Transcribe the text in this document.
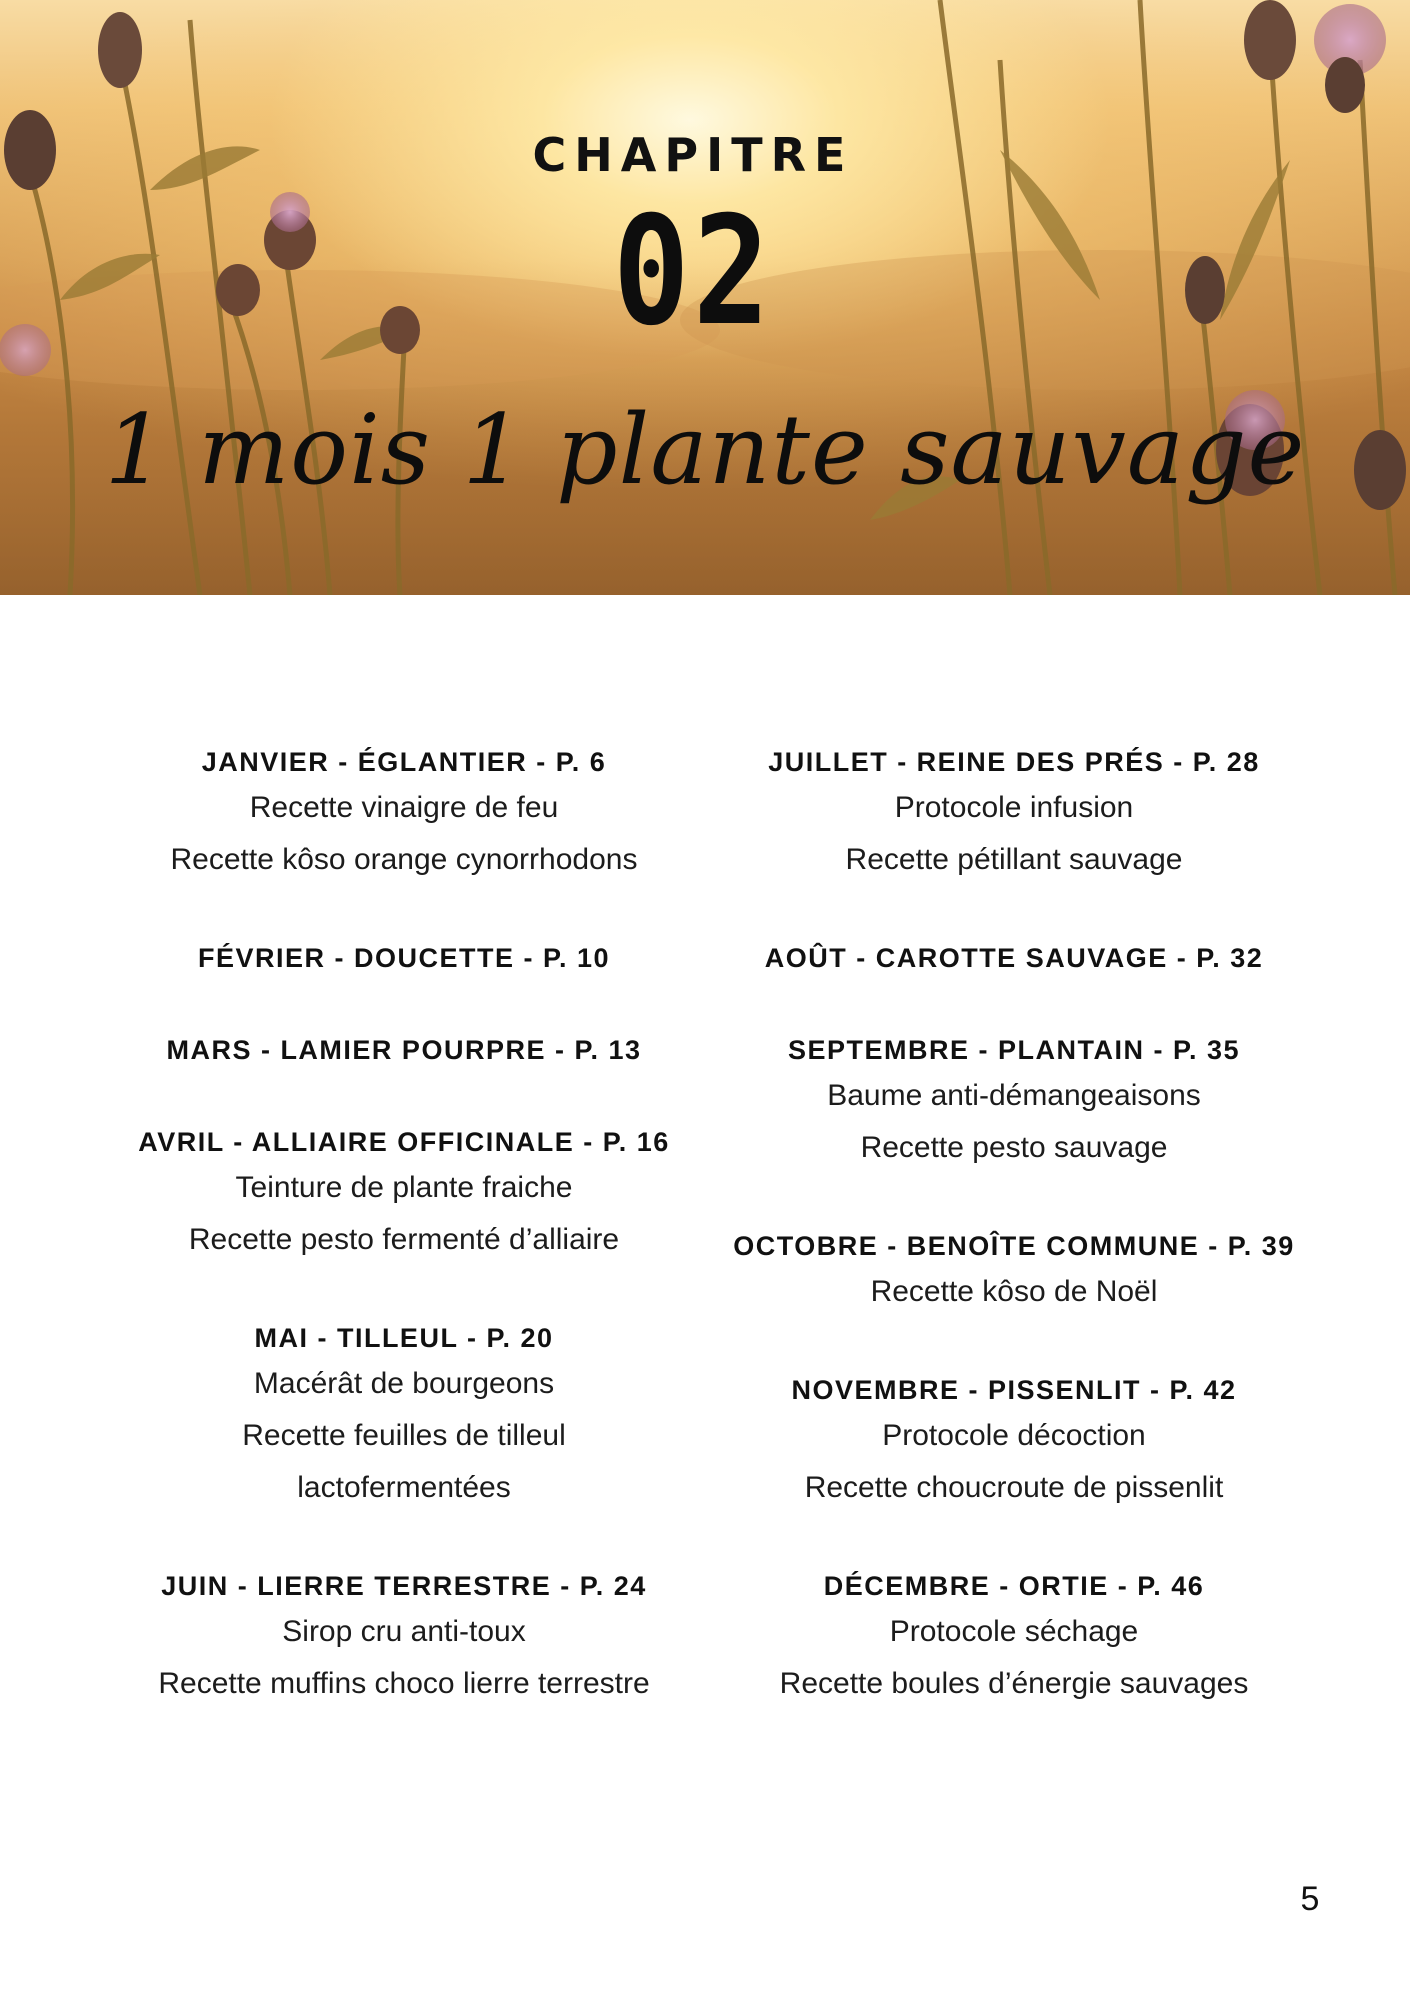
CHAPITRE
02
1 mois 1 plante sauvage
JANVIER - ÉGLANTIER - P. 6
Recette vinaigre de feu
Recette kôso orange cynorrhodons
FÉVRIER - DOUCETTE - P. 10
MARS - LAMIER POURPRE - P. 13
AVRIL - ALLIAIRE OFFICINALE - P. 16
Teinture de plante fraiche
Recette pesto fermenté d’alliaire
MAI - TILLEUL - P. 20
Macérât de bourgeons
Recette feuilles de tilleul
lactofermentées
JUIN - LIERRE TERRESTRE - P. 24
Sirop cru anti-toux
Recette muffins choco lierre terrestre
JUILLET - REINE DES PRÉS - P. 28
Protocole infusion
Recette pétillant sauvage
AOÛT - CAROTTE SAUVAGE - P. 32
SEPTEMBRE - PLANTAIN - P. 35
Baume anti-démangeaisons
Recette pesto sauvage
OCTOBRE - BENOÎTE COMMUNE - P. 39
Recette kôso de Noël
NOVEMBRE - PISSENLIT - P. 42
Protocole décoction
Recette choucroute de pissenlit
DÉCEMBRE - ORTIE - P. 46
Protocole séchage
Recette boules d’énergie sauvages
5
